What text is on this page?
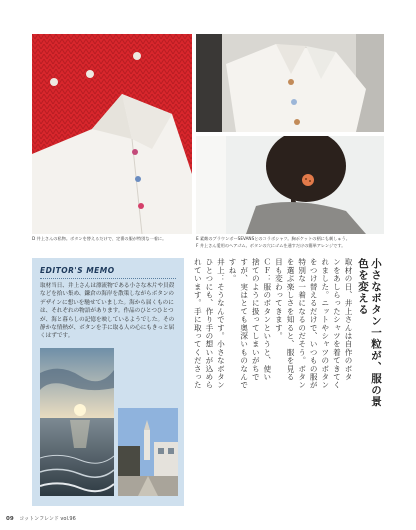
D 井上さんの私物。ボタンを替えるだけで、定番の服が特別な一着に。	E 素敵のブラウンボーSEVANSとのコラボシャツ。胸ポケットの柄にも刺しゅう。
F 井上さん愛用のヘアゴム。ボタンの穴にゴムを通すだけの簡単アレンジです。
EDITOR'S MEMO
取材当日、井上さんは漂流物である小さな木片や貝殻などを拾い集め、鎌倉の海岸を散策しながらボタンのデザインに想いを馳せていました。海から届くものには、それぞれの物語があります。作品のひとつひとつが、海と暮らしの記憶を映しているようでした。その静かな情熱が、ボタンを手に取る人の心にもきっと届くはずです。	小さなボタン一粒が、服の景色を変える
取材の日、井上さんは自作のボタ
ンをあしらったシャツを着てきてく
れました。ニットやシャツのボタン
をつけ替えるだけで、いつもの服が
特別な一着になるのだそう。ボタン
を選ぶ楽しさを知ると、服を見る
目も変わってきます。
ＣＦ：服のボタンというと、使い
捨てのように扱ってしまいがちで
すが、実はとても奥深いものなんで
すね。
井上：そうなんです。小さなボタン
ひとつにも、作り手の想いが込めら
れています。手に取ってくださった
09 コットンフレンド vol.96
